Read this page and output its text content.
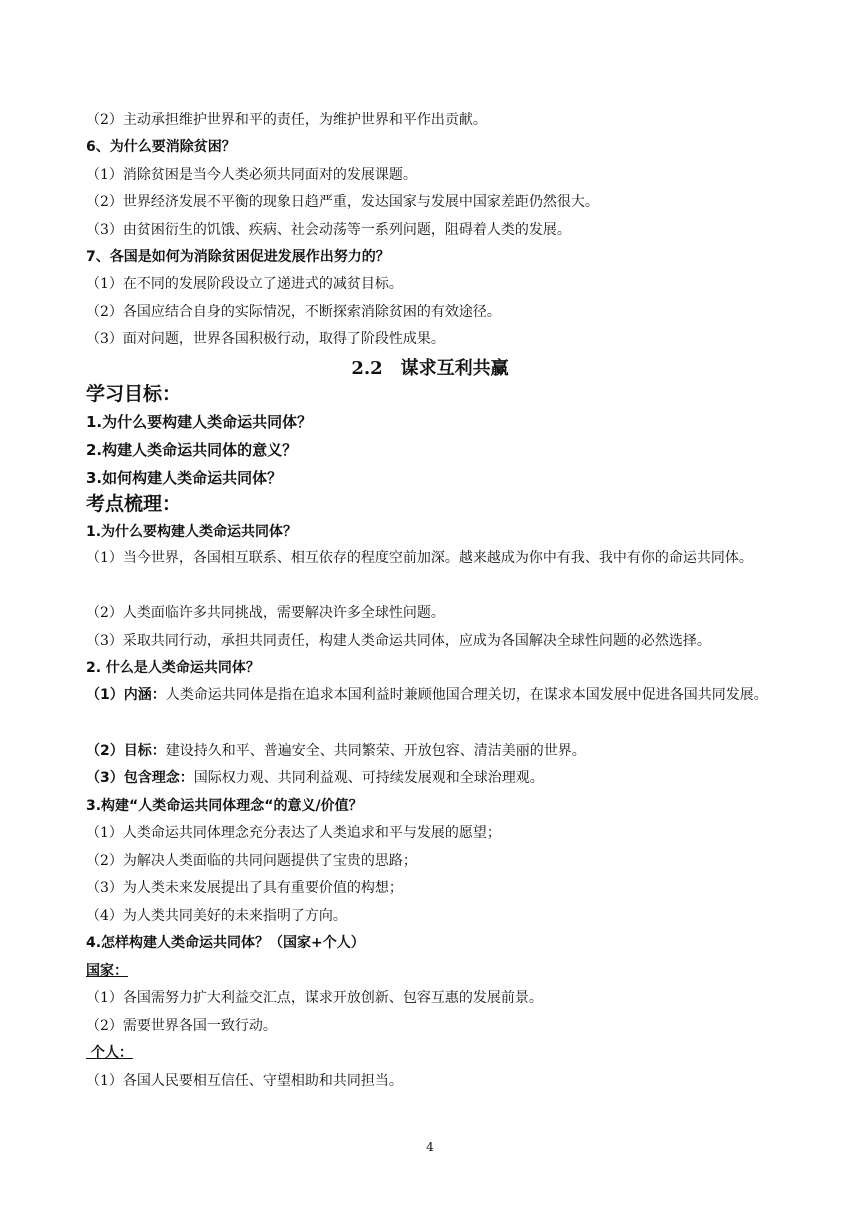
（2）主动承担维护世界和平的责任，为维护世界和平作出贡献。
6、为什么要消除贫困？
（1）消除贫困是当今人类必须共同面对的发展课题。
（2）世界经济发展不平衡的现象日趋严重，发达国家与发展中国家差距仍然很大。
（3）由贫困衍生的饥饿、疾病、社会动荡等一系列问题，阻碍着人类的发展。
7、各国是如何为消除贫困促进发展作出努力的？
（1）在不同的发展阶段设立了递进式的减贫目标。
（2）各国应结合自身的实际情况，不断探索消除贫困的有效途径。
（3）面对问题，世界各国积极行动，取得了阶段性成果。
2.2　谋求互利共赢
学习目标：
1.为什么要构建人类命运共同体？
2.构建人类命运共同体的意义？
3.如何构建人类命运共同体？
考点梳理：
1.为什么要构建人类命运共同体？
（1）当今世界，各国相互联系、相互依存的程度空前加深。越来越成为你中有我、我中有你的命运共同体。
（2）人类面临许多共同挑战，需要解决许多全球性问题。
（3）采取共同行动，承担共同责任，构建人类命运共同体，应成为各国解决全球性问题的必然选择。
2. 什么是人类命运共同体？
（1）内涵：人类命运共同体是指在追求本国利益时兼顾他国合理关切，在谋求本国发展中促进各国共同发展。
（2）目标：建设持久和平、普遍安全、共同繁荣、开放包容、清洁美丽的世界。
（3）包含理念：国际权力观、共同利益观、可持续发展观和全球治理观。
3.构建“人类命运共同体理念“的意义/价值？
（1）人类命运共同体理念充分表达了人类追求和平与发展的愿望；
（2）为解决人类面临的共同问题提供了宝贵的思路；
（3）为人类未来发展提出了具有重要价值的构想；
（4）为人类共同美好的未来指明了方向。
4.怎样构建人类命运共同体？（国家+个人）
国家：
（1）各国需努力扩大利益交汇点，谋求开放创新、包容互惠的发展前景。
（2）需要世界各国一致行动。
个人：
（1）各国人民要相互信任、守望相助和共同担当。
4
